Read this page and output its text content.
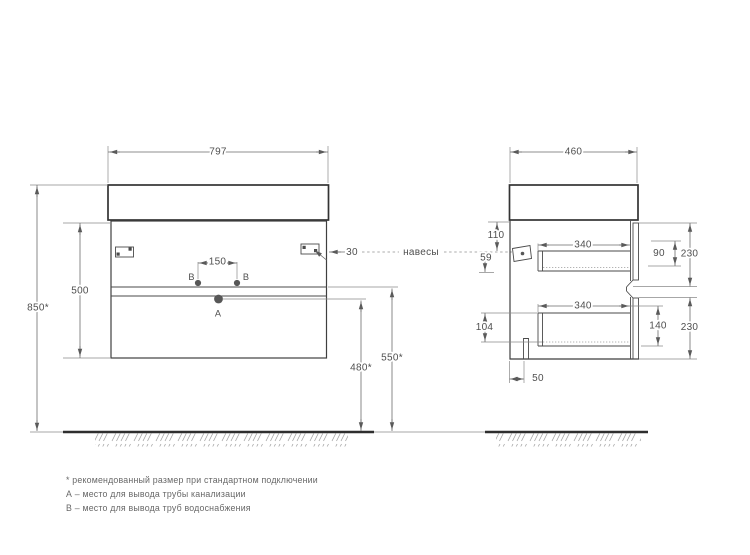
B	B
A
797
850*
500
150
30
480*
550*
навесы
460
110
59
340
90 230
340
104	140 230
50
* рекомендованный размер при стандартном подключении
А – место для вывода трубы канализации
В – место для вывода труб водоснабжения
